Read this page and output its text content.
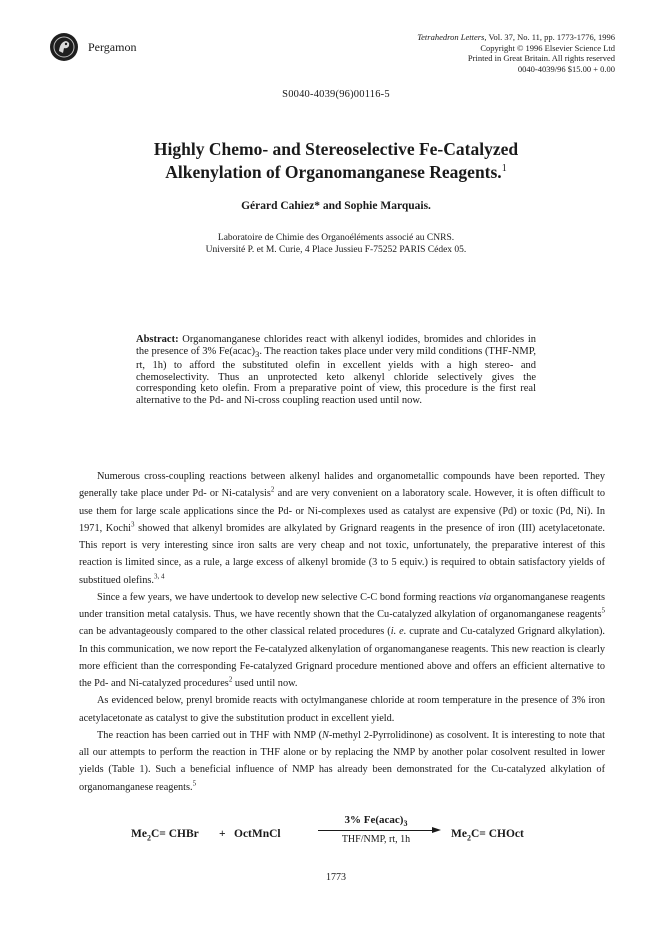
Pergamon
Tetrahedron Letters, Vol. 37, No. 11, pp. 1773-1776, 1996
Copyright © 1996 Elsevier Science Ltd
Printed in Great Britain. All rights reserved
0040-4039/96 $15.00 + 0.00
S0040-4039(96)00116-5
Highly Chemo- and Stereoselective Fe-Catalyzed
Alkenylation of Organomanganese Reagents.$^1$
Gérard Cahiez* and Sophie Marquais.
Laboratoire de Chimie des Organoéléments associé au CNRS.
Université P. et M. Curie, 4 Place Jussieu F-75252 PARIS Cédex 05.
Abstract: Organomanganese chlorides react with alkenyl iodides, bromides and chlorides in the presence of 3% $Fe(acac)_3$. The reaction takes place under very mild conditions (THF-NMP, rt, 1h) to afford the substituted olefin in excellent yields with a high stereo- and chemoselectivity. Thus an unprotected keto alkenyl chloride selectively gives the corresponding keto olefin. From a preparative point of view, this procedure is the first real alternative to the Pd- and Ni-cross coupling reaction used until now.

Numerous cross-coupling reactions between alkenyl halides and organometallic compounds have been reported. They generally take place under Pd- or Ni-catalysis$^2$ and are very convenient on a laboratory scale. However, it is often difficult to use them for large scale applications since the Pd- or Ni-complexes used as catalyst are expensive (Pd) or toxic (Pd, Ni). In 1971, Kochi$^3$ showed that alkenyl bromides are alkylated by Grignard reagents in the presence of iron (III) acetylacetonate. This report is very interesting since iron salts are very cheap and not toxic, unfortunately, the preparative interest of this reaction is limited since, as a rule, a large excess of alkenyl bromide (3 to 5 equiv.) is required to obtain satisfactory yields of substitued olefins.$^{3, 4}$

Since a few years, we have undertook to develop new selective C-C bond forming reactions via organomanganese reagents under transition metal catalysis. Thus, we have recently shown that the Cu-catalyzed alkylation of organomanganese reagents$^5$ can be advantageously compared to the other classical related procedures (i. e. cuprate and Cu-catalyzed Grignard alkylation). In this communication, we now report the Fe-catalyzed alkenylation of organomanganese reagents. This new reaction is clearly more efficient than the corresponding Fe-catalyzed Grignard procedure mentioned above and offers an efficient alternative to the Pd- and Ni-catalyzed procedures$^2$ used until now.

As evidenced below, prenyl bromide reacts with octylmanganese chloride at room temperature in the presence of 3% iron acetylacetonate as catalyst to give the substitution product in excellent yield.

The reaction has been carried out in THF with NMP (N-methyl 2-Pyrrolidinone) as cosolvent. It is interesting to note that all our attempts to perform the reaction in THF alone or by replacing the NMP by another polar cosolvent resulted in lower yields (Table 1). Such a beneficial influence of NMP has already been demonstrated for the Cu-catalyzed alkylation of organomanganese reagents.$^5$

$Me_2C=$ CHBr + OctMnCl
3% $Fe(acac)_3$
THF/NMP, rt, 1h	$Me_2C=$ CHOct
1773
